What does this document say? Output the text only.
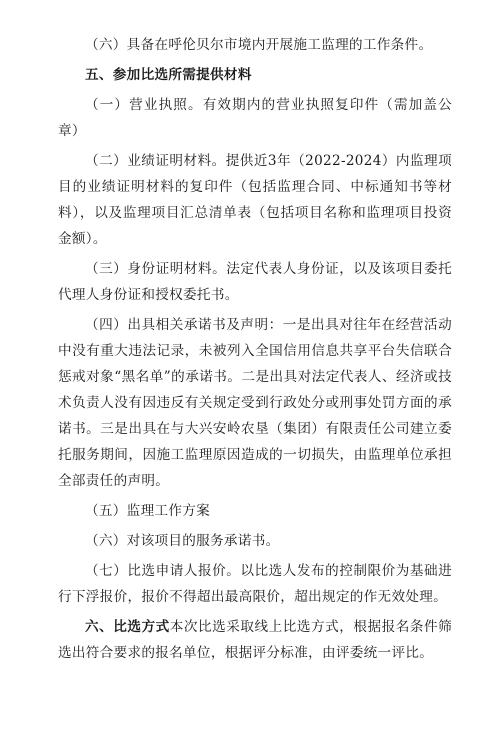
（六）具备在呼伦贝尔市境内开展施工监理的工作条件。

五、参加比选所需提供材料

（一）营业执照。有效期内的营业执照复印件（需加盖公章）

（二）业绩证明材料。提供近3年（2022-2024）内监理项目的业绩证明材料的复印件（包括监理合同、中标通知书等材料），以及监理项目汇总清单表（包括项目名称和监理项目投资金额）。

（三）身份证明材料。法定代表人身份证，以及该项目委托代理人身份证和授权委托书。

（四）出具相关承诺书及声明：一是出具对往年在经营活动中没有重大违法记录，未被列入全国信用信息共享平台失信联合惩戒对象“黑名单”的承诺书。二是出具对法定代表人、经济或技术负责人没有因违反有关规定受到行政处分或刑事处罚方面的承诺书。三是出具在与大兴安岭农垦（集团）有限责任公司建立委托服务期间，因施工监理原因造成的一切损失，由监理单位承担全部责任的声明。

（五）监理工作方案

（六）对该项目的服务承诺书。

（七）比选申请人报价。以比选人发布的控制限价为基础进行下浮报价，报价不得超出最高限价，超出规定的作无效处理。

六、比选方式本次比选采取线上比选方式，根据报名条件筛选出符合要求的报名单位，根据评分标准，由评委统一评比。
